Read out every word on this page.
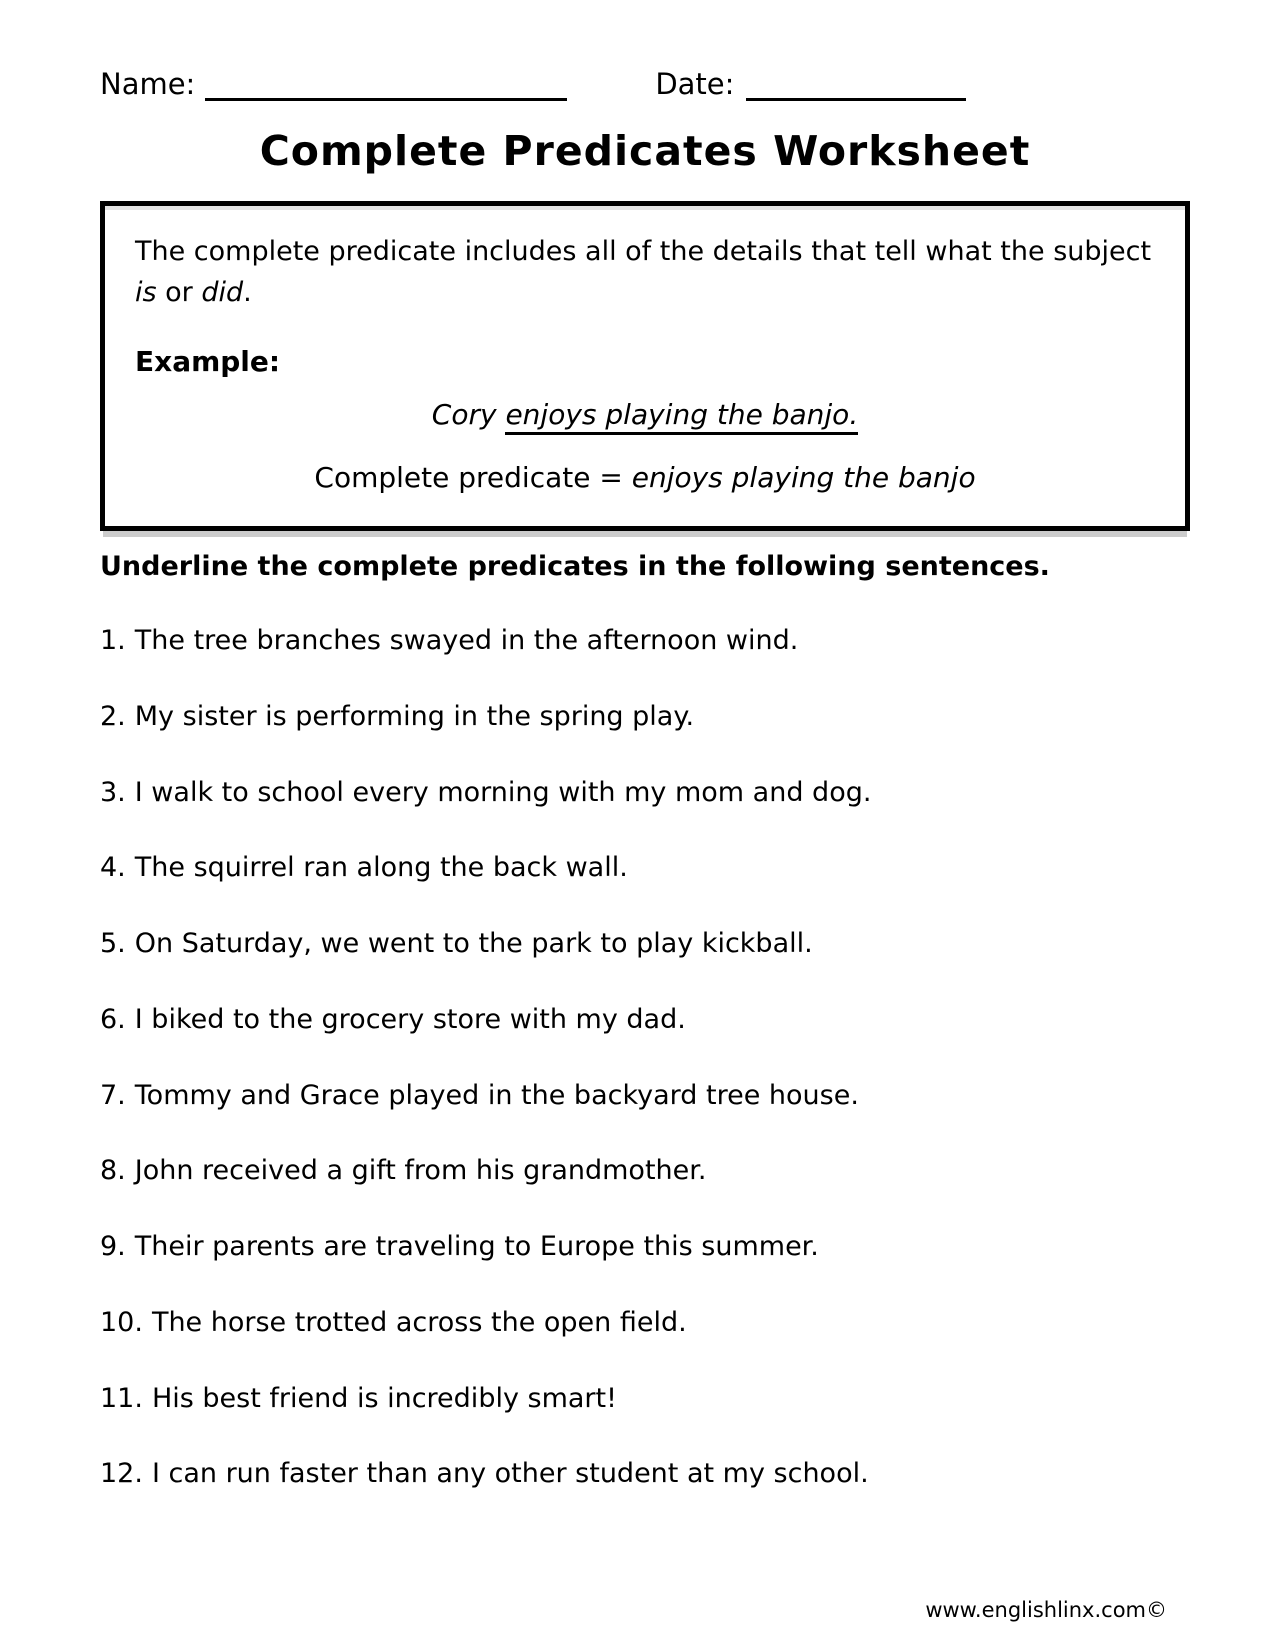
Name:	Date:
Complete Predicates Worksheet
The complete predicate includes all of the details that tell what the subject is or did.
Example:
Cory enjoys playing the banjo.
Complete predicate = enjoys playing the banjo
Underline the complete predicates in the following sentences.
1. The tree branches swayed in the afternoon wind.
2. My sister is performing in the spring play.
3. I walk to school every morning with my mom and dog.
4. The squirrel ran along the back wall.
5. On Saturday, we went to the park to play kickball.
6. I biked to the grocery store with my dad.
7. Tommy and Grace played in the backyard tree house.
8. John received a gift from his grandmother.
9. Their parents are traveling to Europe this summer.
10. The horse trotted across the open field.
11. His best friend is incredibly smart!
12. I can run faster than any other student at my school.
www.englishlinx.com©
